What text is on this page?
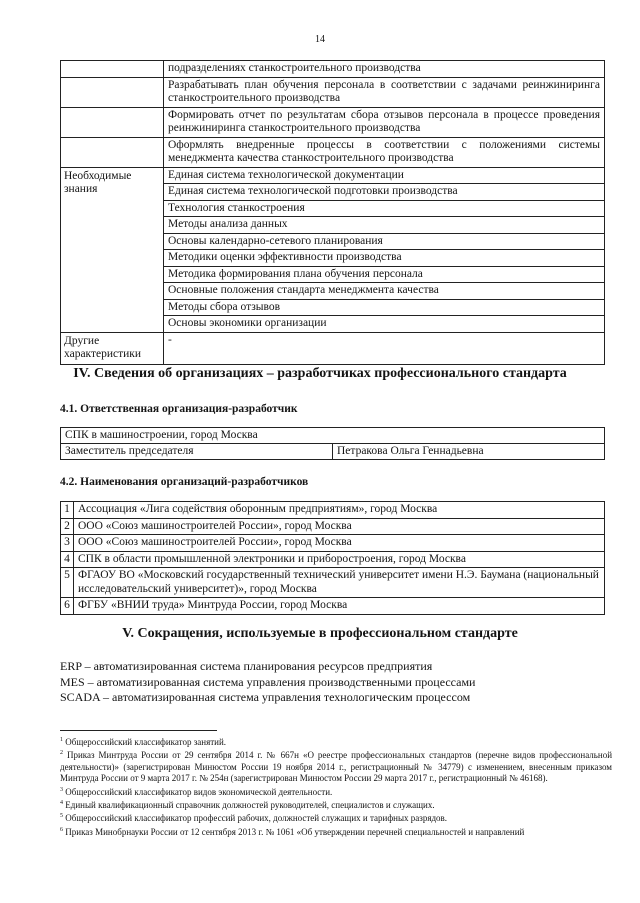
14
	подразделениях станкостроительного производства
	Разрабатывать план обучения персонала в соответствии с задачами реинжиниринга станкостроительного производства
	Формировать отчет по результатам сбора отзывов персонала в процессе проведения реинжиниринга станкостроительного производства
	Оформлять внедренные процессы в соответствии с положениями системы менеджмента качества станкостроительного производства
Необходимые знания	Единая система технологической документации
	Единая система технологической подготовки производства
	Технология станкостроения
	Методы анализа данных
	Основы календарно-сетевого планирования
	Методики оценки эффективности производства
	Методика формирования плана обучения персонала
	Основные положения стандарта менеджмента качества
	Методы сбора отзывов
	Основы экономики организации
Другие характеристики	-
IV. Сведения об организациях – разработчиках профессионального стандарта
4.1. Ответственная организация-разработчик
СПК в машиностроении, город Москва
Заместитель председателя	Петракова Ольга Геннадьевна
4.2. Наименования организаций-разработчиков
1	Ассоциация «Лига содействия оборонным предприятиям», город Москва
2	ООО «Союз машиностроителей России», город Москва
3	ООО «Союз машиностроителей России», город Москва
4	СПК в области промышленной электроники и приборостроения, город Москва
5	ФГАОУ ВО «Московский государственный технический университет имени Н.Э. Баумана (национальный исследовательский университет)», город Москва
6	ФГБУ «ВНИИ труда» Минтруда России, город Москва
V. Сокращения, используемые в профессиональном стандарте
ERP – автоматизированная система планирования ресурсов предприятия
MES – автоматизированная система управления производственными процессами
SCADA – автоматизированная система управления технологическим процессом

$^1$ Общероссийский классификатор занятий.

$^2$ Приказ Минтруда России от 29 сентября 2014 г. № 667н «О реестре профессиональных стандартов (перечне видов профессиональной деятельности)» (зарегистрирован Минюстом России 19 ноября 2014 г., регистрационный № 34779) с изменением, внесенным приказом Минтруда России от 9 марта 2017 г. № 254н (зарегистрирован Минюстом России 29 марта 2017 г., регистрационный № 46168).

$^3$ Общероссийский классификатор видов экономической деятельности.

$^4$ Единый квалификационный справочник должностей руководителей, специалистов и служащих.

$^5$ Общероссийский классификатор профессий рабочих, должностей служащих и тарифных разрядов.

$^6$ Приказ Минобрнауки России от 12 сентября 2013 г. № 1061 «Об утверждении перечней специальностей и направлений
